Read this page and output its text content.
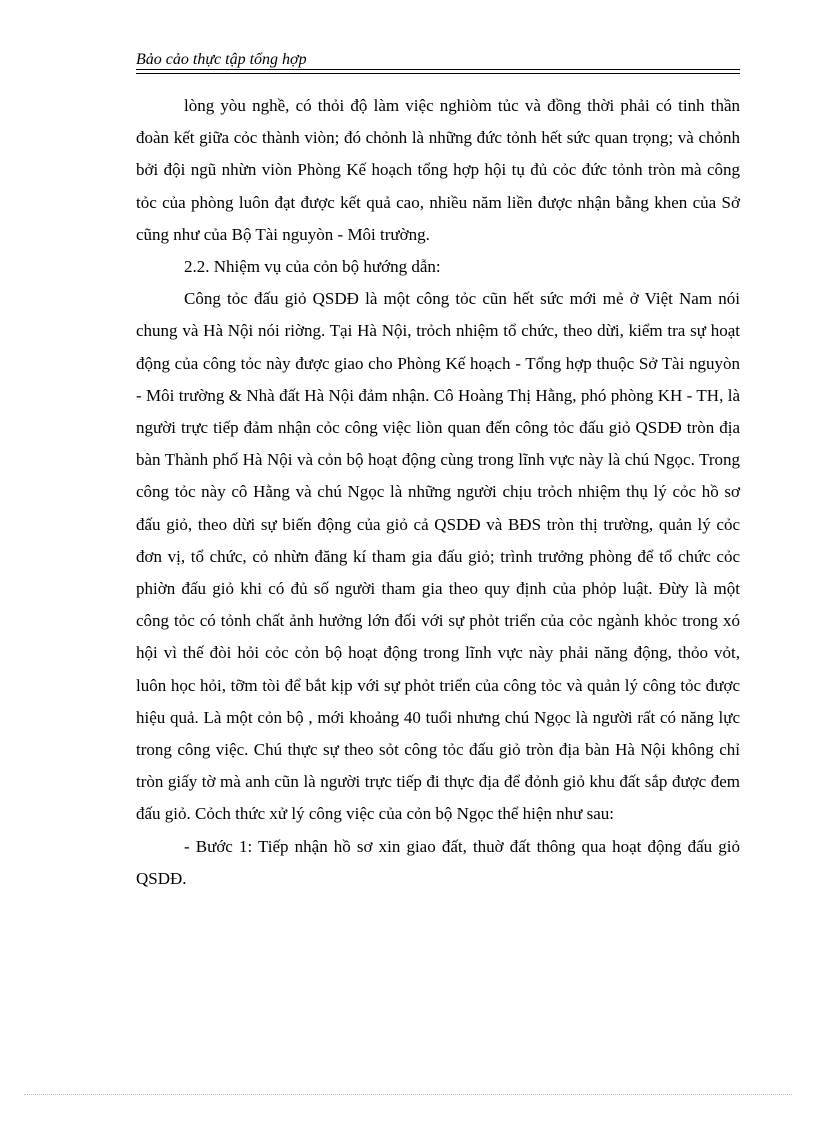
Bảo cảo thực tập tổng hợp

lòng yòu nghề, có thỏi độ làm việc nghiòm tủc và đồng thời phải có tinh thần đoàn kết giữa cỏc thành viòn; đó chỏnh là những đức tỏnh hết sức quan trọng; và chỏnh bởi đội ngũ nhừn viòn Phòng Kế hoạch tổng hợp hội tụ đủ cỏc đức tỏnh tròn mà công tỏc của phòng luôn đạt được kết quả cao, nhiều năm liền được nhận bằng khen của Sở cũng như của Bộ Tài nguyòn - Môi trường.

2.2. Nhiệm vụ của cỏn bộ hướng dẫn:

Công tỏc đấu giỏ QSDĐ là một công tỏc cũn hết sức mới mẻ ở Việt Nam nói chung và Hà Nội nói riờng. Tại Hà Nội, trỏch nhiệm tổ chức, theo dừi, kiểm tra sự hoạt động của công tỏc này được giao cho Phòng Kế hoạch - Tổng hợp thuộc Sở Tài nguyòn - Môi trường & Nhà đất Hà Nội đảm nhận. Cô Hoàng Thị Hằng, phó phòng KH - TH, là người trực tiếp đảm nhận cỏc công việc liòn quan đến công tỏc đấu giỏ QSDĐ tròn địa bàn Thành phố Hà Nội và cỏn bộ hoạt động cùng trong lĩnh vực này là chú Ngọc. Trong công tỏc này cô Hằng và chú Ngọc là những người chịu trỏch nhiệm thụ lý cỏc hồ sơ đấu giỏ, theo dừi sự biến động của giỏ cả QSDĐ và BĐS tròn thị trường, quản lý cỏc đơn vị, tổ chức, cỏ nhừn đăng kí tham gia đấu giỏ; trình trưởng phòng để tổ chức cỏc phiờn đấu giỏ khi có đủ số người tham gia theo quy định của phỏp luật. Đừy là một công tỏc có tỏnh chất ảnh hưởng lớn đối với sự phỏt triển của cỏc ngành khỏc trong xó hội vì thế đòi hỏi cỏc cỏn bộ hoạt động trong lĩnh vực này phải năng động, thỏo vỏt, luôn học hỏi, tỡm tòi để bắt kịp với sự phỏt triển của công tỏc và quản lý công tỏc được hiệu quả. Là một cỏn bộ , mới khoảng 40 tuổi nhưng chú Ngọc là người rất có năng lực trong công việc. Chú thực sự theo sỏt công tỏc đấu giỏ tròn địa bàn Hà Nội không chỉ tròn giấy tờ mà anh cũn là người trực tiếp đi thực địa để đỏnh giỏ khu đất sắp được đem đấu giỏ. Cỏch thức xử lý công việc của cỏn bộ Ngọc thể hiện như sau:

- Bước 1: Tiếp nhận hồ sơ xin giao đất, thuờ đất thông qua hoạt động đấu giỏ QSDĐ.
